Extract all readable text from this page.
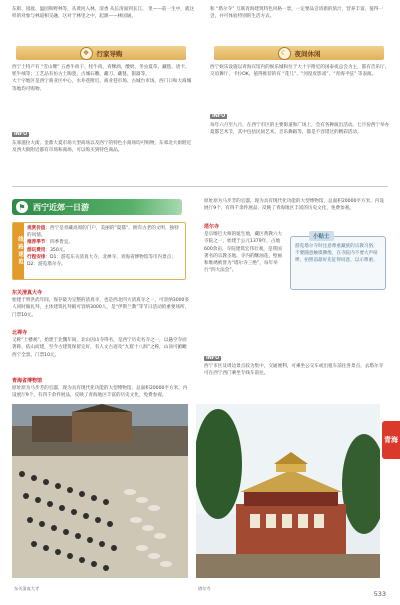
东街、园庭、温园和野林等，从黄河入林，清香 从长清面到长江， 里——前一生中，就这样的对象与林道相交融，这对于林里之中，起源——林园通。
和 “塔尔寺” 互联青海建筑特色风格一景，一定要品尝清新的浓汁，营养丰富，值得一尝，并可体验特别的生活方式。
❖	行家导购
西宁土特产有 “雪山牌” 五香牛肉干、牦牛肉、青稞酒、酸奶、冬虫夏草、藏毯、唐卡、牦牛绒等；工艺品有仿古土陶瓷、古城石雕、藏刀、藏毯、银器等。
大十字地区是西宁商业区中心，水井巷附近、商业巷市场、古城台市场、西门口和大商城等地均可购物。
INFO
东郊滋拉大街、金鼎大夏市场大型商场以及西宁的特色小商场均可购物，东郊北大街附近及西大街附近都有市场和商场，可以购买到特色商品。
☾	夜间休闲
西宁娱乐设施以青海宾馆内的娱乐城和位于大十字附近的国泰夜总会为主，都有音乐厅、交谊舞厅、卡拉OK，值得推荐的有 “花儿”、“河湟皮影戏”、“青海平弦” 等表演。
INFO
每年六月至九月，在西宁市区的主要街道和广场上，会有各种演出活动。七月份西宁举办夏都艺术节，其中包括民间艺术、音乐舞蹈等，都是不容错过的精彩活动。
⚑ 西宁近郊一日游
线路速览

观赏价值：西宁是青藏高原的门户，美丽的“夏都”，拥有古老的文明、独特的风情。

推荐季节：四季皆宜。

游玩费用：350元。

行程安排：D1：游览东关清真大寺、北禅寺、青海省博物馆等市内景点；D2：游览塔尔寺。

东关清真大寺
始建于明洪武年间，保存最为完整的清真寺，也是西北四大清真寺之一，可容纳3000多人同时做礼拜，主体建筑礼拜殿可容纳3000人，是“伊斯兰教”等节日活动的重要场所，门票10元。
北禅寺
又称“土楼观”，始建于北魏年间，北山因山寺得名，是西宁历史名寺之一，以悬空寺而著称，依山而建，至今古建筑保留完好，有人文古迹及“九窟十八洞”之称，山顶可俯瞰西宁全景。门票10元。
青海省博物馆
原址原为马步芳的官邸，现为具有现代化功能的大型博物馆，总面积20000平方米，内设展厅9个，有四千余件展品，反映了青海地区丰富的历史文化，免费参观。
原址原为马步芳的官邸，现为具有现代化功能的大型博物馆，总面积20000平方米，内设展厅9个，有四千余件展品，反映了青海地区丰富的历史文化，免费参观。
塔尔寺
是宗喀巴大师的诞生地，藏区黄教六大寺院之一，始建于公元1379年，占地600余亩，寺院建筑宏伟壮观，是我国著名的宗教圣地。寺内的酥油花、壁画和堆绣被誉为“塔尔寺三绝”，每年举行“四大法会”。
小贴士
游览塔尔寺时注意尊重藏族的宗教习俗，不要随意触摸佛像，在寺院内不要大声喧哗，拍照前最好先征得同意，以示尊重。
INFO
西宁市区及周边景点较为集中，交通便利，可乘坐公交车或出租车前往各景点，去塔尔寺可在西宁西门乘坐专线车前往。
东关清真大寺	塔尔寺
青海
533
